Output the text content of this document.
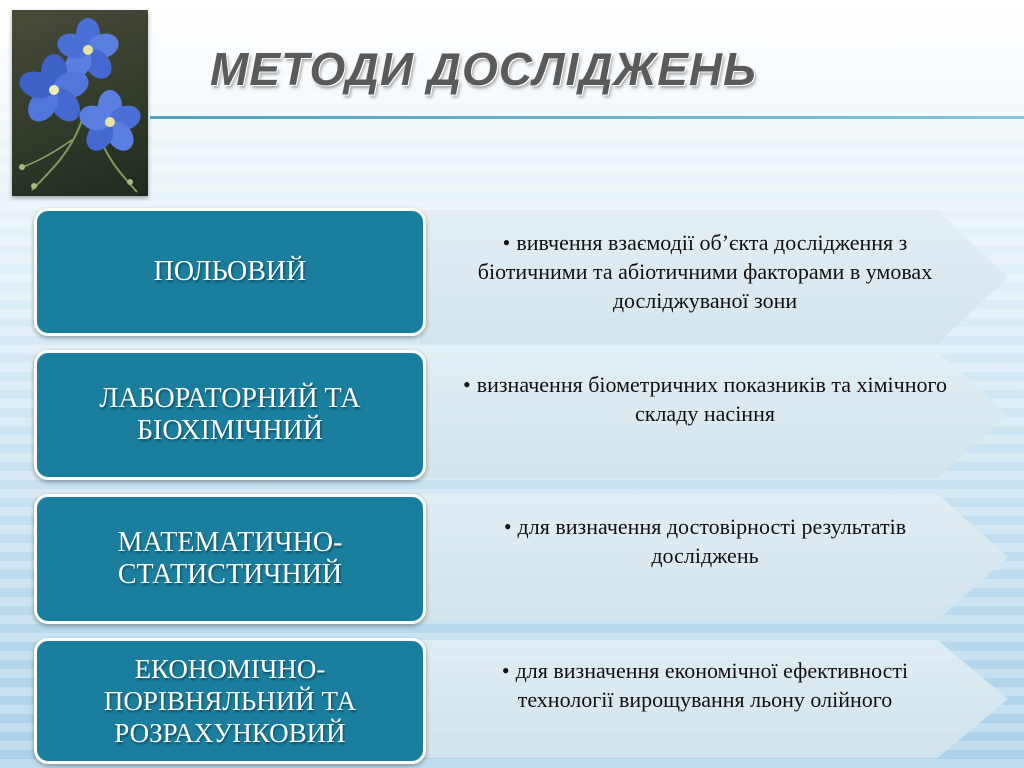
МЕТОДИ ДОСЛІДЖЕНЬ
• вивчення взаємодії об’єкта дослідження з біотичними та абіотичними факторами в умовах досліджуваної зони
ПОЛЬОВИЙ
• визначення біометричних показників та хімічного складу насіння
ЛАБОРАТОРНИЙ ТА БІОХІМІЧНИЙ
• для визначення достовірності результатів досліджень
МАТЕМАТИЧНО-СТАТИСТИЧНИЙ
• для визначення економічної ефективності технології вирощування льону олійного
ЕКОНОМІЧНО-ПОРІВНЯЛЬНИЙ ТА РОЗРАХУНКОВИЙ
